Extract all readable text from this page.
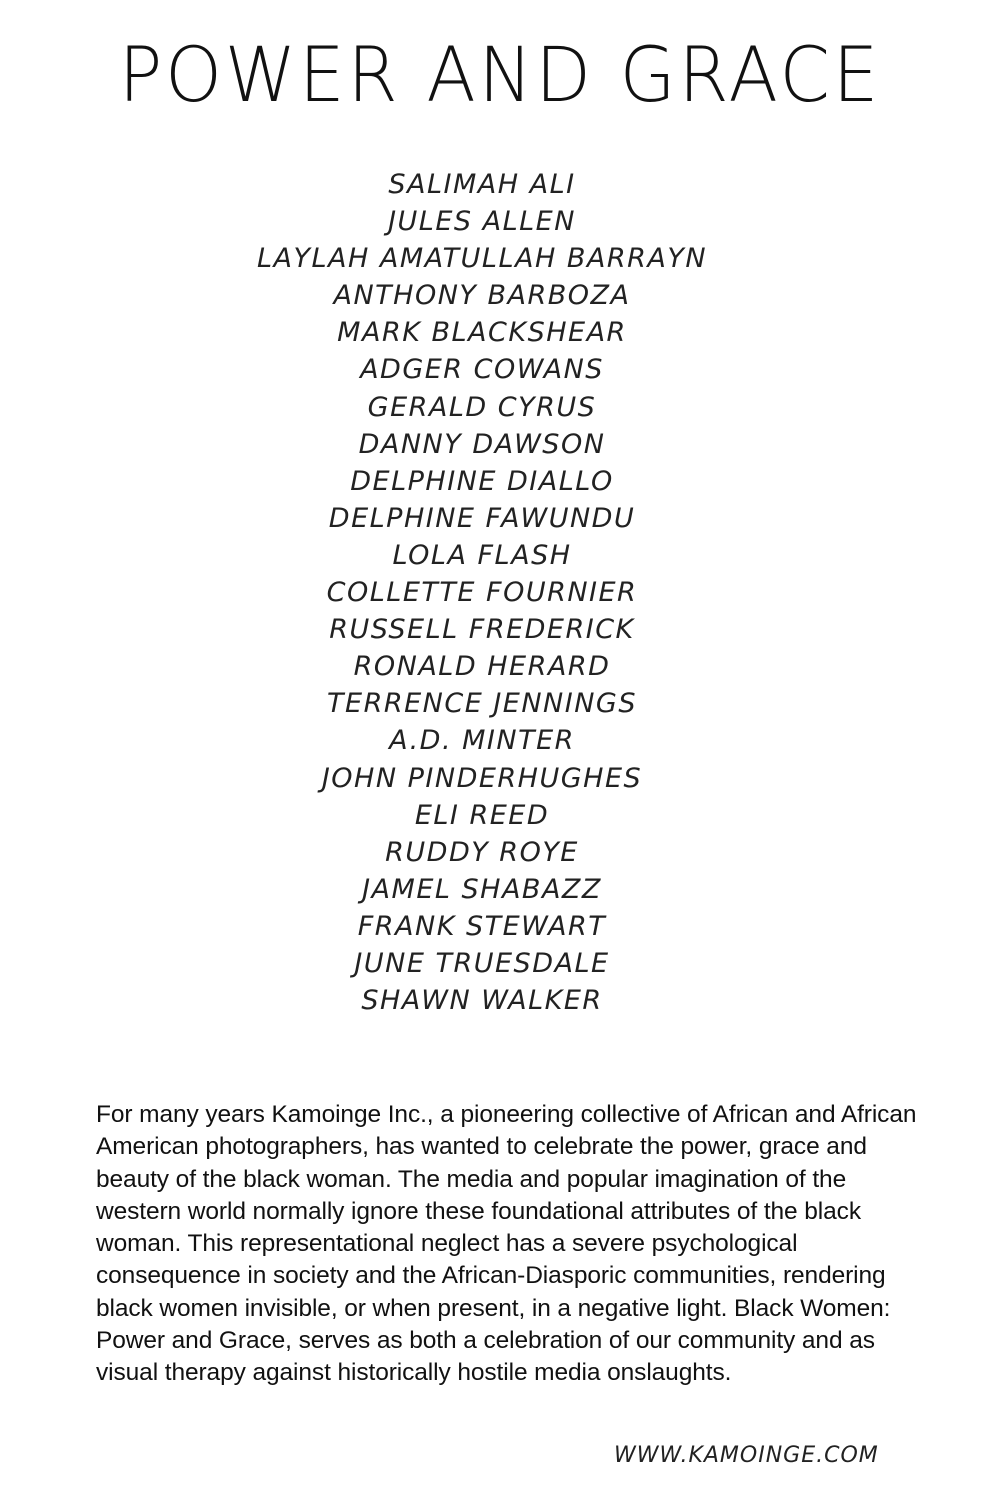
POWER AND GRACE
SALIMAH ALI
JULES ALLEN
LAYLAH AMATULLAH BARRAYN
ANTHONY BARBOZA
MARK BLACKSHEAR
ADGER COWANS
GERALD CYRUS
DANNY DAWSON
DELPHINE DIALLO
DELPHINE FAWUNDU
LOLA FLASH
COLLETTE FOURNIER
RUSSELL FREDERICK
RONALD HERARD
TERRENCE JENNINGS
A.D. MINTER
JOHN PINDERHUGHES
ELI REED
RUDDY ROYE
JAMEL SHABAZZ
FRANK STEWART
JUNE TRUESDALE
SHAWN WALKER

For many years Kamoinge Inc., a pioneering collective of African and African American photographers, has wanted to celebrate the power, grace and beauty of the black woman. The media and popular imagination of the western world normally ignore these foundational attributes of the black woman. This representational neglect has a severe psychological consequence in society and the African-Diasporic communities, rendering black women invisible, or when present, in a negative light. Black Women: Power and Grace, serves as both a celebration of our community and as visual therapy against historically hostile media onslaughts.

WWW.KAMOINGE.COM
